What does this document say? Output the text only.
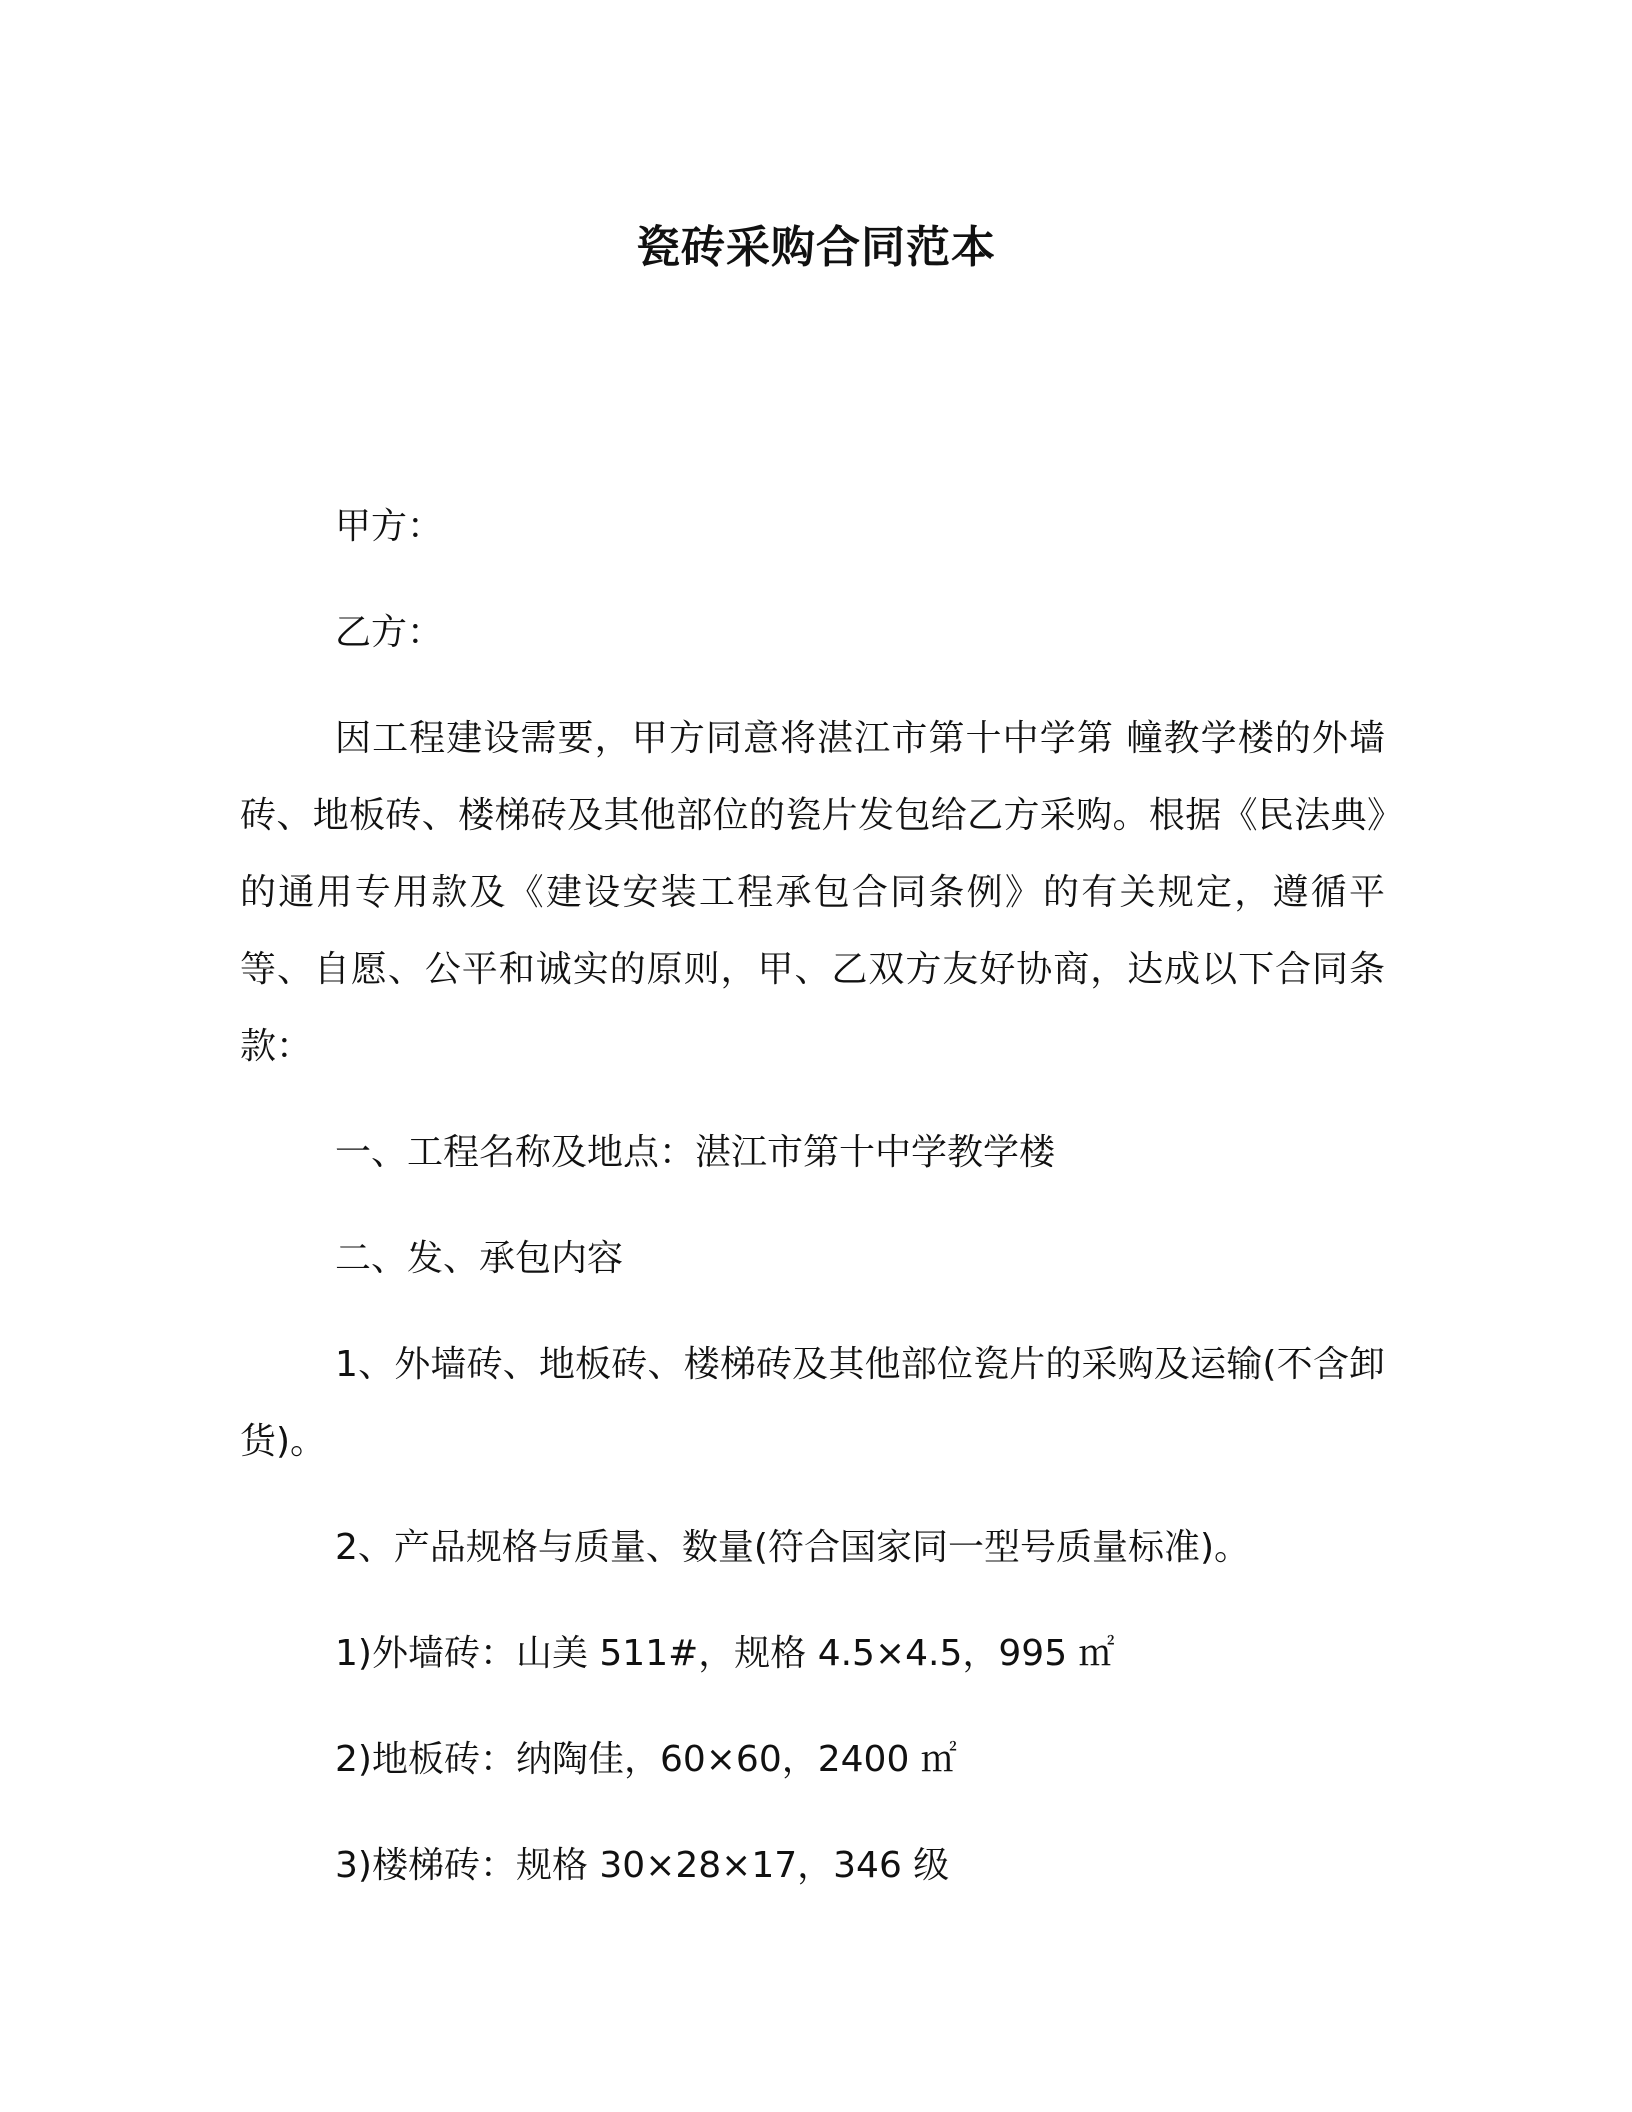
瓷砖采购合同范本

甲方：

乙方：

因工程建设需要，甲方同意将湛江市第十中学第 幢教学楼的外墙砖、地板砖、楼梯砖及其他部位的瓷片发包给乙方采购。根据《民法典》的通用专用款及《建设安装工程承包合同条例》的有关规定，遵循平等、自愿、公平和诚实的原则，甲、乙双方友好协商，达成以下合同条款：

一、工程名称及地点：湛江市第十中学教学楼

二、发、承包内容

1、外墙砖、地板砖、楼梯砖及其他部位瓷片的采购及运输(不含卸货)。

2、产品规格与质量、数量(符合国家同一型号质量标准)。

1)外墙砖：山美 511#，规格 4.5×4.5，995 ㎡

2)地板砖：纳陶佳，60×60，2400 ㎡

3)楼梯砖：规格 30×28×17，346 级
